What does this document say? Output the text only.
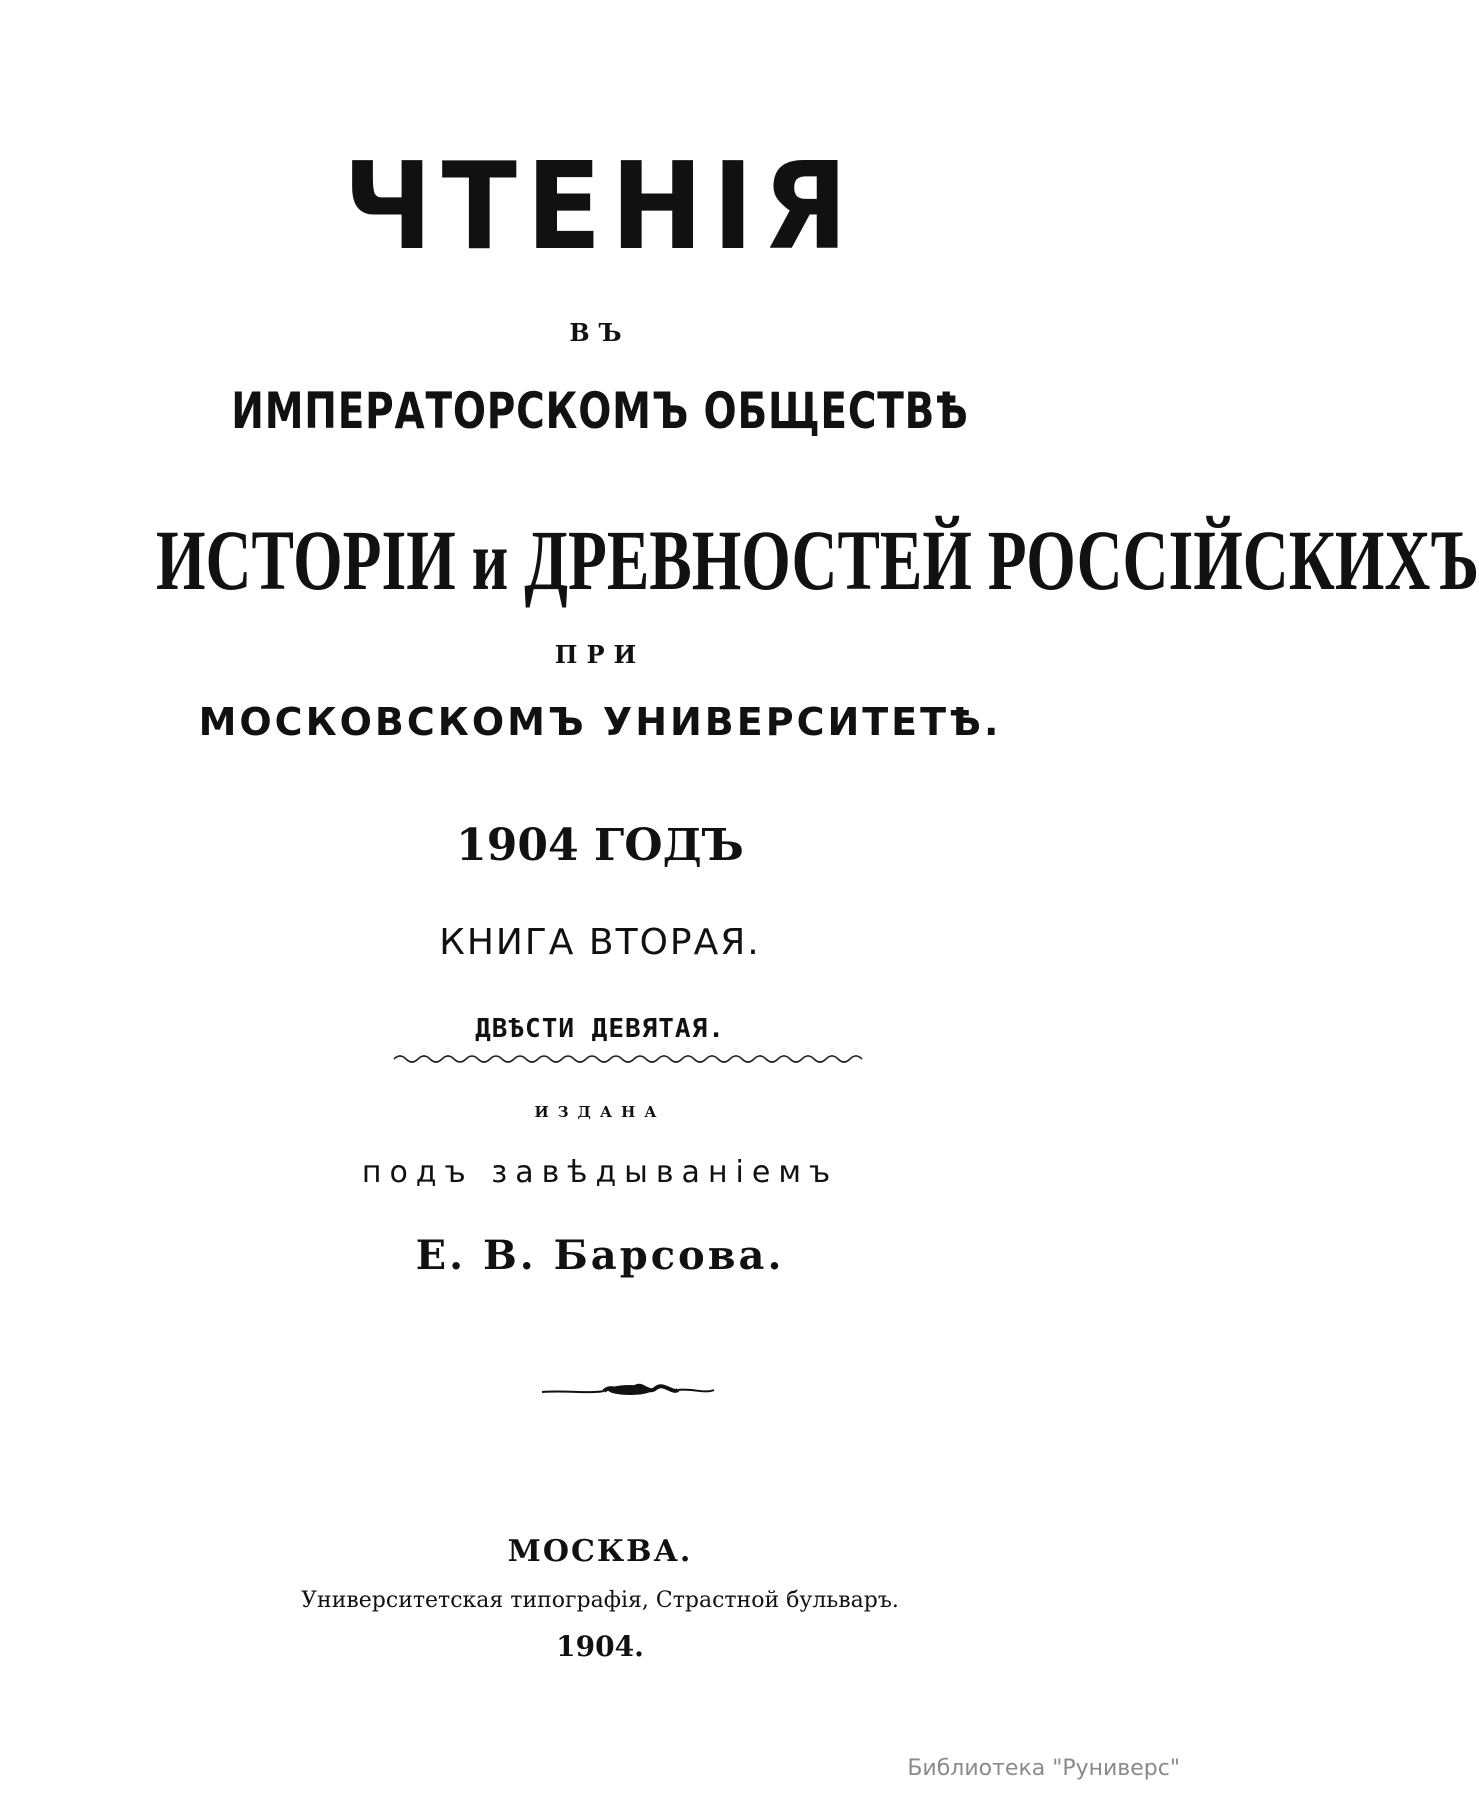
ЧТЕНІЯ
ВЪ
ИМПЕРАТОРСКОМЪ ОБЩЕСТВѢ
ИСТОРІИ и ДРЕВНОСТЕЙ РОССІЙСКИХЪ
ПРИ
МОСКОВСКОМЪ УНИВЕРСИТЕТѢ.
1904 ГОДЪ
КНИГА ВТОРАЯ.
ДВѢСТИ ДЕВЯТАЯ.
ИЗДАНА
подъ завѣдываніемъ
Е. В. Барсова.
МОСКВА.
Университетская типографія, Страстной бульваръ.
1904.
Библиотека "Руниверс"
